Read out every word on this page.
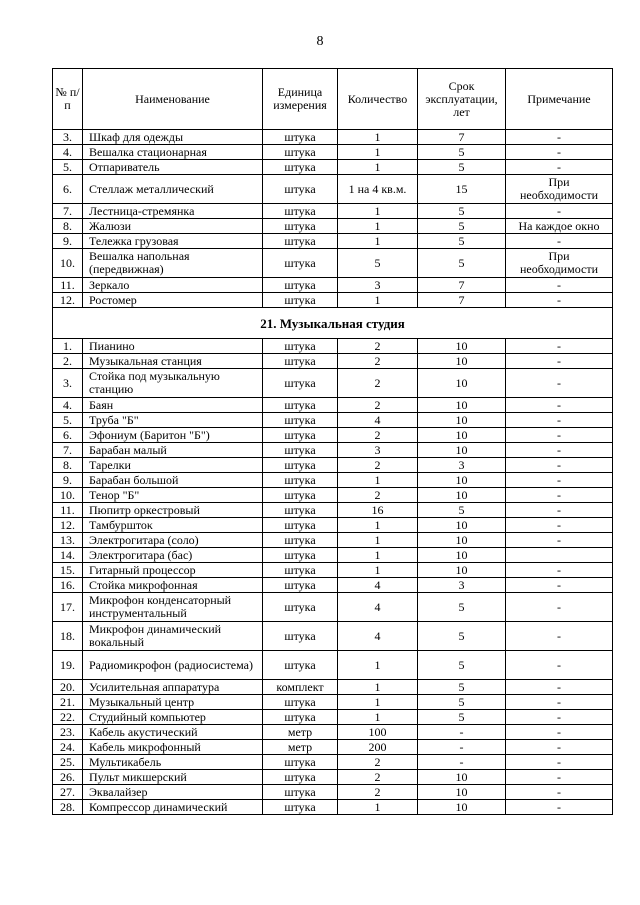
8
№ п/п	Наименование	Единица измерения	Количество	Срок эксплуатации, лет	Примечание
3.	Шкаф для одежды	штука	1	7	-
4.	Вешалка стационарная	штука	1	5	-
5.	Отпариватель	штука	1	5	-
6.	Стеллаж металлический	штука	1 на 4 кв.м.	15	При необходимости
7.	Лестница-стремянка	штука	1	5	-
8.	Жалюзи	штука	1	5	На каждое окно
9.	Тележка грузовая	штука	1	5	-
10.	Вешалка напольная (передвижная)	штука	5	5	При необходимости
11.	Зеркало	штука	3	7	-
12.	Ростомер	штука	1	7	-
21. Музыкальная студия					
1.	Пианино	штука	2	10	-
2.	Музыкальная станция	штука	2	10	-
3.	Стойка под музыкальную станцию	штука	2	10	-
4.	Баян	штука	2	10	-
5.	Труба "Б"	штука	4	10	-
6.	Эфониум (Баритон "Б")	штука	2	10	-
7.	Барабан малый	штука	3	10	-
8.	Тарелки	штука	2	3	-
9.	Барабан большой	штука	1	10	-
10.	Тенор "Б"	штука	2	10	-
11.	Пюпитр оркестровый	штука	16	5	-
12.	Тамбурштоκ	штука	1	10	-
13.	Электрогитара (соло)	штука	1	10	-
14.	Электрогитара (бас)	штука	1	10	
15.	Гитарный процессор	штука	1	10	-
16.	Стойка микрофонная	штука	4	3	-
17.	Микрофон конденсаторный инструментальный	штука	4	5	-
18.	Микрофон динамический вокальный	штука	4	5	-
19.	Радиомикрофон (радиосистема)	штука	1	5	-
20.	Усилительная аппаратура	комплект	1	5	-
21.	Музыкальный центр	штука	1	5	-
22.	Студийный компьютер	штука	1	5	-
23.	Кабель акустический	метр	100	-	-
24.	Кабель микрофонный	метр	200	-	-
25.	Мультикабель	штука	2	-	-
26.	Пульт микшерский	штука	2	10	-
27.	Эквалайзер	штука	2	10	-
28.	Компрессор динамический	штука	1	10	-
